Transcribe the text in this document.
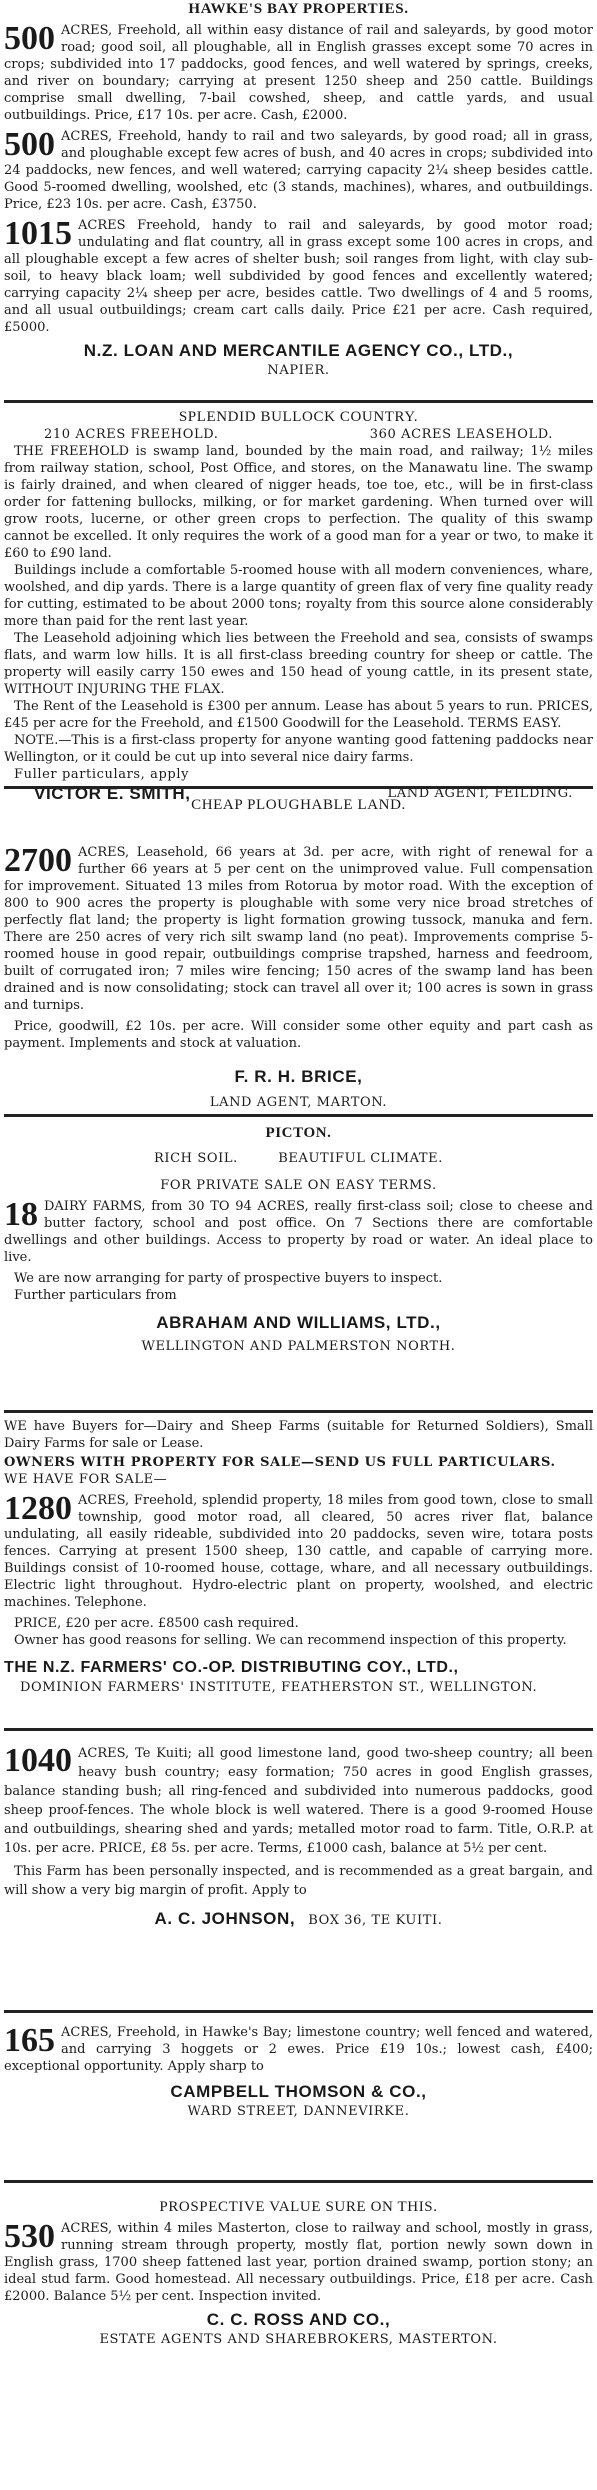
HAWKE'S BAY PROPERTIES.
500 ACRES, Freehold, all within easy distance of rail and saleyards, by good motor road; good soil, all ploughable, all in English grasses except some 70 acres in crops; subdivided into 17 paddocks, good fences, and well watered by springs, creeks, and river on boundary; carrying at present 1250 sheep and 250 cattle. Buildings comprise small dwelling, 7-bail cowshed, sheep, and cattle yards, and usual outbuildings. Price, £17 10s. per acre. Cash, £2000.

500 ACRES, Freehold, handy to rail and two saleyards, by good road; all in grass, and ploughable except few acres of bush, and 40 acres in crops; subdivided into 24 paddocks, new fences, and well watered; carrying capacity 2¼ sheep besides cattle. Good 5-roomed dwelling, woolshed, etc (3 stands, machines), whares, and outbuildings. Price, £23 10s. per acre. Cash, £3750.

1015 ACRES Freehold, handy to rail and saleyards, by good motor road; undulating and flat country, all in grass except some 100 acres in crops, and all ploughable except a few acres of shelter bush; soil ranges from light, with clay sub-soil, to heavy black loam; well subdivided by good fences and excellently watered; carrying capacity 2¼ sheep per acre, besides cattle. Two dwellings of 4 and 5 rooms, and all usual outbuildings; cream cart calls daily. Price £21 per acre. Cash required, £5000.

N.Z. LOAN AND MERCANTILE AGENCY CO., LTD.,
NAPIER.
SPLENDID BULLOCK COUNTRY.
210 ACRES FREEHOLD.	360 ACRES LEASEHOLD.

THE FREEHOLD is swamp land, bounded by the main road, and railway; 1½ miles from railway station, school, Post Office, and stores, on the Manawatu line. The swamp is fairly drained, and when cleared of nigger heads, toe toe, etc., will be in first-class order for fattening bullocks, milking, or for market gardening. When turned over will grow roots, lucerne, or other green crops to perfection. The quality of this swamp cannot be excelled. It only requires the work of a good man for a year or two, to make it £60 to £90 land.

Buildings include a comfortable 5-roomed house with all modern conveniences, whare, woolshed, and dip yards. There is a large quantity of green flax of very fine quality ready for cutting, estimated to be about 2000 tons; royalty from this source alone considerably more than paid for the rent last year.

The Leasehold adjoining which lies between the Freehold and sea, consists of swamps flats, and warm low hills. It is all first-class breeding country for sheep or cattle. The property will easily carry 150 ewes and 150 head of young cattle, in its present state, WITHOUT INJURING THE FLAX.

The Rent of the Leasehold is £300 per annum. Lease has about 5 years to run. PRICES, £45 per acre for the Freehold, and £1500 Goodwill for the Leasehold. TERMS EASY.

NOTE.—This is a first-class property for anyone wanting good fattening paddocks near Wellington, or it could be cut up into several nice dairy farms.

Fuller particulars, apply
VICTOR E. SMITH,	LAND AGENT, FEILDING.
CHEAP PLOUGHABLE LAND.
2700 ACRES, Leasehold, 66 years at 3d. per acre, with right of renewal for a further 66 years at 5 per cent on the unimproved value. Full compensation for improvement. Situated 13 miles from Rotorua by motor road. With the exception of 800 to 900 acres the property is ploughable with some very nice broad stretches of perfectly flat land; the property is light formation growing tussock, manuka and fern. There are 250 acres of very rich silt swamp land (no peat). Improvements comprise 5-roomed house in good repair, outbuildings comprise trapshed, harness and feedroom, built of corrugated iron; 7 miles wire fencing; 150 acres of the swamp land has been drained and is now consolidating; stock can travel all over it; 100 acres is sown in grass and turnips.

Price, goodwill, £2 10s. per acre. Will consider some other equity and part cash as payment. Implements and stock at valuation.

F. R. H. BRICE,
LAND AGENT, MARTON.
PICTON.
RICH SOIL.	BEAUTIFUL CLIMATE.
FOR PRIVATE SALE ON EASY TERMS.
18 DAIRY FARMS, from 30 TO 94 ACRES, really first-class soil; close to cheese and butter factory, school and post office. On 7 Sections there are comfortable dwellings and other buildings. Access to property by road or water. An ideal place to live.

We are now arranging for party of prospective buyers to inspect.

Further particulars from

ABRAHAM AND WILLIAMS, LTD.,
WELLINGTON AND PALMERSTON NORTH.

WE have Buyers for—Dairy and Sheep Farms (suitable for Returned Soldiers), Small Dairy Farms for sale or Lease.

OWNERS WITH PROPERTY FOR SALE—SEND US FULL PARTICULARS.
WE HAVE FOR SALE—
1280 ACRES, Freehold, splendid property, 18 miles from good town, close to small township, good motor road, all cleared, 50 acres river flat, balance undulating, all easily rideable, subdivided into 20 paddocks, seven wire, totara posts fences. Carrying at present 1500 sheep, 130 cattle, and capable of carrying more. Buildings consist of 10-roomed house, cottage, whare, and all necessary outbuildings. Electric light throughout. Hydro-electric plant on property, woolshed, and electric machines. Telephone.

PRICE, £20 per acre. £8500 cash required.

Owner has good reasons for selling. We can recommend inspection of this property.

THE N.Z. FARMERS' CO.-OP. DISTRIBUTING COY., LTD.,
DOMINION FARMERS' INSTITUTE, FEATHERSTON ST., WELLINGTON.
1040 ACRES, Te Kuiti; all good limestone land, good two-sheep country; all been heavy bush country; easy formation; 750 acres in good English grasses, balance standing bush; all ring-fenced and subdivided into numerous paddocks, good sheep proof-fences. The whole block is well watered. There is a good 9-roomed House and outbuildings, shearing shed and yards; metalled motor road to farm. Title, O.R.P. at 10s. per acre. PRICE, £8 5s. per acre. Terms, £1000 cash, balance at 5½ per cent.

This Farm has been personally inspected, and is recommended as a great bargain, and will show a very big margin of profit. Apply to

A. C. JOHNSON, BOX 36, TE KUITI.
165 ACRES, Freehold, in Hawke's Bay; limestone country; well fenced and watered, and carrying 3 hoggets or 2 ewes. Price £19 10s.; lowest cash, £400; exceptional opportunity. Apply sharp to

CAMPBELL THOMSON & CO.,
WARD STREET, DANNEVIRKE.
PROSPECTIVE VALUE SURE ON THIS.
530 ACRES, within 4 miles Masterton, close to railway and school, mostly in grass, running stream through property, mostly flat, portion newly sown down in English grass, 1700 sheep fattened last year, portion drained swamp, portion stony; an ideal stud farm. Good homestead. All necessary outbuildings. Price, £18 per acre. Cash £2000. Balance 5½ per cent. Inspection invited.

C. C. ROSS AND CO.,
ESTATE AGENTS AND SHAREBROKERS, MASTERTON.
